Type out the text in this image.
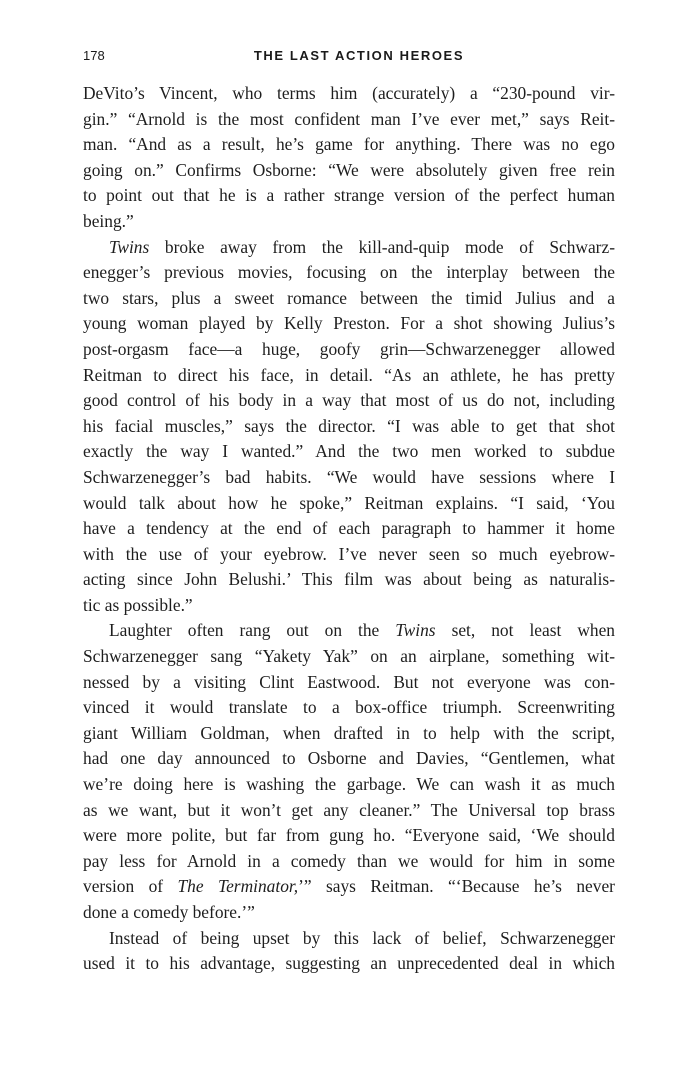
178	THE LAST ACTION HEROES

DeVito’s Vincent, who terms him (accurately) a “230-pound vir-
gin.” “Arnold is the most confident man I’ve ever met,” says Reit-
man. “And as a result, he’s game for anything. There was no ego
going on.” Confirms Osborne: “We were absolutely given free rein
to point out that he is a rather strange version of the perfect human
being.”

Twins broke away from the kill-and-quip mode of Schwarz-
enegger’s previous movies, focusing on the interplay between the
two stars, plus a sweet romance between the timid Julius and a
young woman played by Kelly Preston. For a shot showing Julius’s
post-orgasm face—a huge, goofy grin—Schwarzenegger allowed
Reitman to direct his face, in detail. “As an athlete, he has pretty
good control of his body in a way that most of us do not, including
his facial muscles,” says the director. “I was able to get that shot
exactly the way I wanted.” And the two men worked to subdue
Schwarzenegger’s bad habits. “We would have sessions where I
would talk about how he spoke,” Reitman explains. “I said, ‘You
have a tendency at the end of each paragraph to hammer it home
with the use of your eyebrow. I’ve never seen so much eyebrow-
acting since John Belushi.’ This film was about being as naturalis-
tic as possible.”

Laughter often rang out on the Twins set, not least when
Schwarzenegger sang “Yakety Yak” on an airplane, something wit-
nessed by a visiting Clint Eastwood. But not everyone was con-
vinced it would translate to a box-office triumph. Screenwriting
giant William Goldman, when drafted in to help with the script,
had one day announced to Osborne and Davies, “Gentlemen, what
we’re doing here is washing the garbage. We can wash it as much
as we want, but it won’t get any cleaner.” The Universal top brass
were more polite, but far from gung ho. “Everyone said, ‘We should
pay less for Arnold in a comedy than we would for him in some
version of The Terminator,’” says Reitman. “‘Because he’s never
done a comedy before.’”

Instead of being upset by this lack of belief, Schwarzenegger
used it to his advantage, suggesting an unprecedented deal in which
